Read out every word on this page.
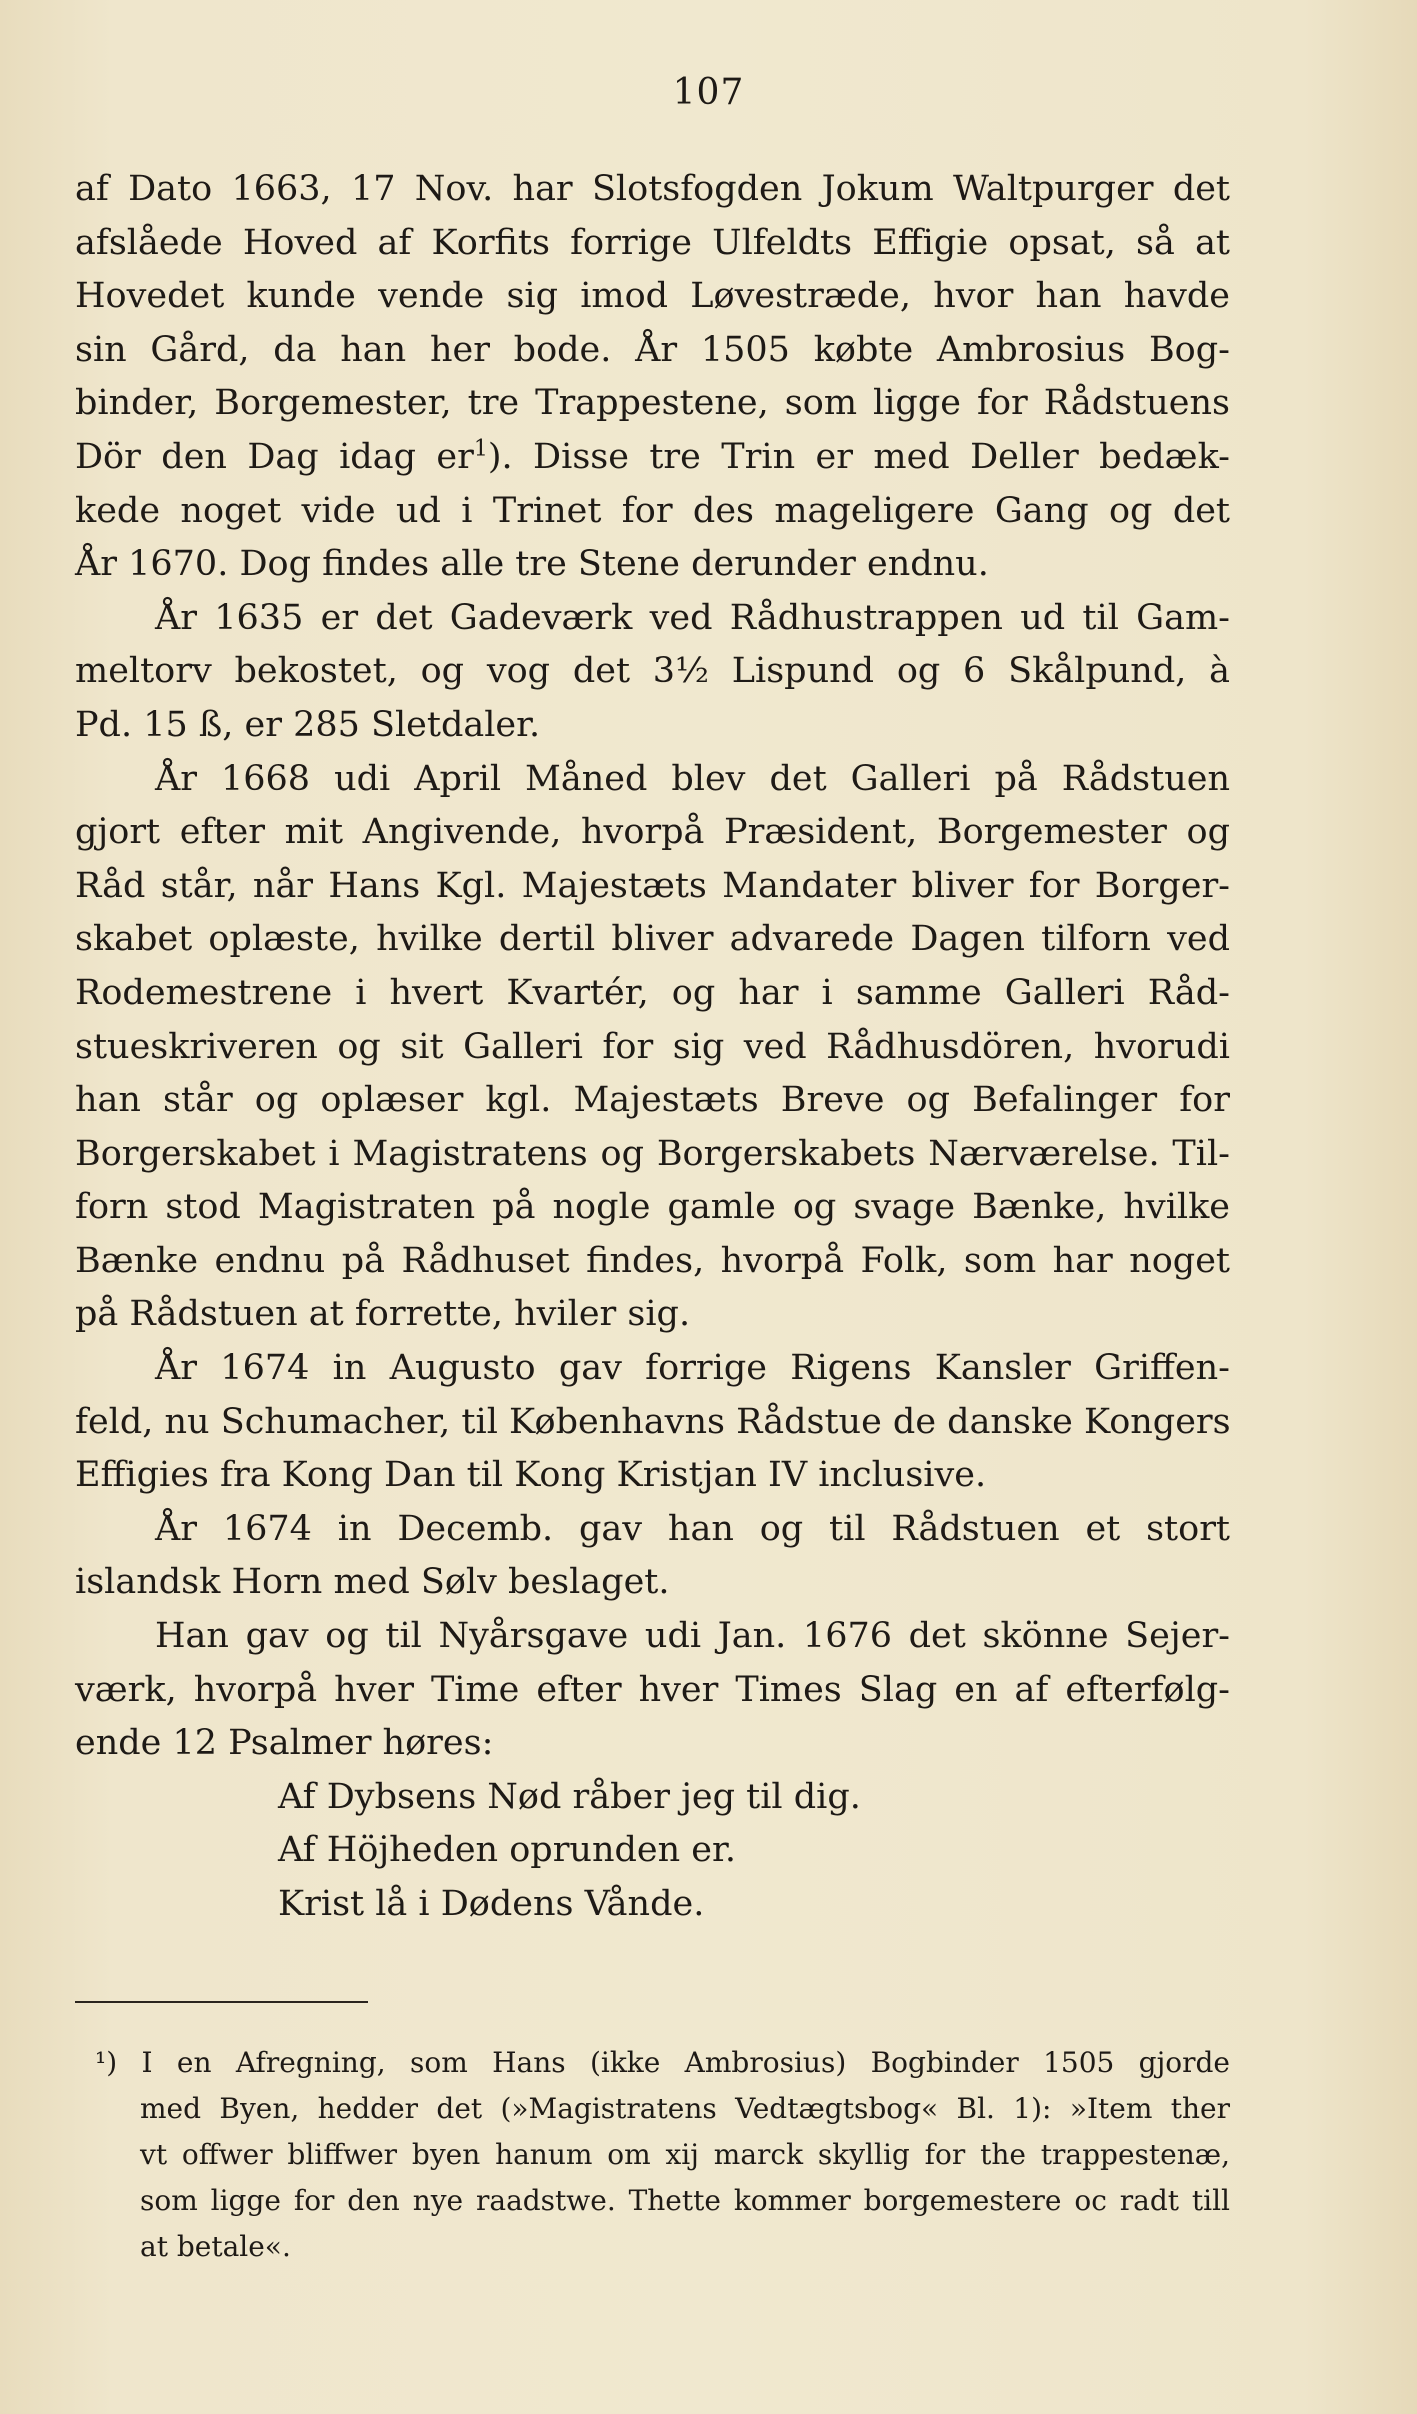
107
af Dato 1663, 17 Nov. har Slotsfogden Jokum Waltpurger det
afslåede Hoved af Korfits forrige Ulfeldts Effigie opsat, så at
Hovedet kunde vende sig imod Løvestræde, hvor han havde
sin Gård, da han her bode. År 1505 købte Ambrosius Bog-
binder, Borgemester, tre Trappestene, som ligge for Rådstuens
Dör den Dag idag $er^1$). Disse tre Trin er med Deller bedæk-
kede noget vide ud i Trinet for des mageligere Gang og det
År 1670. Dog findes alle tre Stene derunder endnu.
År 1635 er det Gadeværk ved Rådhustrappen ud til Gam-
meltorv bekostet, og vog det 3½ Lispund og 6 Skålpund, à
Pd. 15 ß, er 285 Sletdaler.
År 1668 udi April Måned blev det Galleri på Rådstuen
gjort efter mit Angivende, hvorpå Præsident, Borgemester og
Råd står, når Hans Kgl. Majestæts Mandater bliver for Borger-
skabet oplæste, hvilke dertil bliver advarede Dagen tilforn ved
Rodemestrene i hvert Kvartér, og har i samme Galleri Råd-
stueskriveren og sit Galleri for sig ved Rådhusdören, hvorudi
han står og oplæser kgl. Majestæts Breve og Befalinger for
Borgerskabet i Magistratens og Borgerskabets Nærværelse. Til-
forn stod Magistraten på nogle gamle og svage Bænke, hvilke
Bænke endnu på Rådhuset findes, hvorpå Folk, som har noget
på Rådstuen at forrette, hviler sig.
År 1674 in Augusto gav forrige Rigens Kansler Griffen-
feld, nu Schumacher, til Københavns Rådstue de danske Kongers
Effigies fra Kong Dan til Kong Kristjan IV inclusive.
År 1674 in Decemb. gav han og til Rådstuen et stort
islandsk Horn med Sølv beslaget.
Han gav og til Nyårsgave udi Jan. 1676 det skönne Sejer-
værk, hvorpå hver Time efter hver Times Slag en af efterfølg-
ende 12 Psalmer høres:
Af Dybsens Nød råber jeg til dig.
Af Höjheden oprunden er.
Krist lå i Dødens Vånde.
¹) I en Afregning, som Hans (ikke Ambrosius) Bogbinder 1505 gjorde
med Byen, hedder det (»Magistratens Vedtægtsbog« Bl. 1): »Item ther
vt offwer bliffwer byen hanum om xij marck skyllig for the trappestenæ,
som ligge for den nye raadstwe. Thette kommer borgemestere oc radt till
at betale«.
